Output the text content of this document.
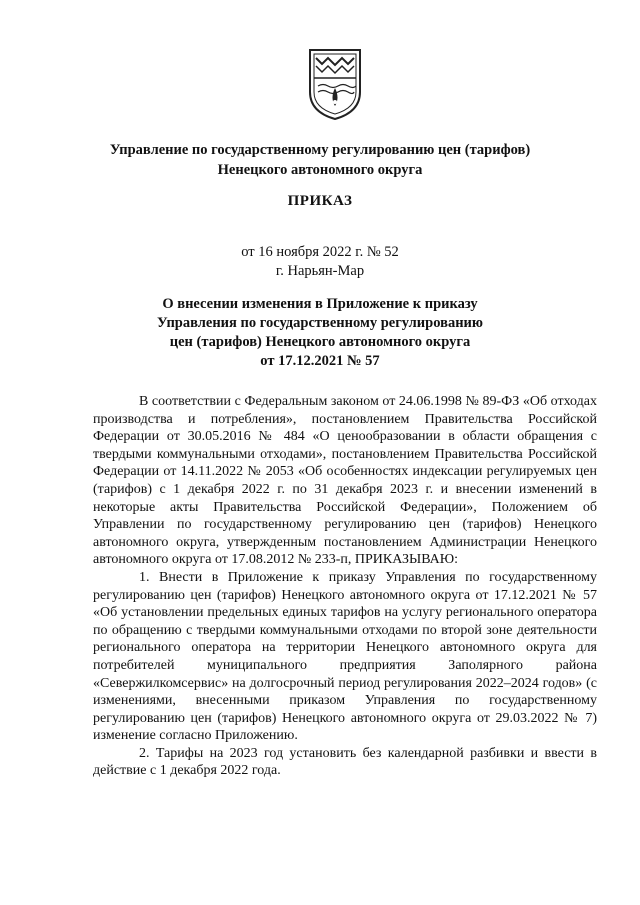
Управление по государственному регулированию цен (тарифов)
Ненецкого автономного округа
ПРИКАЗ
от 16 ноября 2022 г. № 52
г. Нарьян-Мар
О внесении изменения в Приложение к приказу
Управления по государственному регулированию
цен (тарифов) Ненецкого автономного округа
от 17.12.2021 № 57

В соответствии с Федеральным законом от 24.06.1998 № 89-ФЗ «Об отходах производства и потребления», постановлением Правительства Российской Федерации от 30.05.2016 № 484 «О ценообразовании в области обращения с твердыми коммунальными отходами», постановлением Правительства Российской Федерации от 14.11.2022 № 2053 «Об особенностях индексации регулируемых цен (тарифов) с 1 декабря 2022 г. по 31 декабря 2023 г. и внесении изменений в некоторые акты Правительства Российской Федерации», Положением об Управлении по государственному регулированию цен (тарифов) Ненецкого автономного округа, утвержденным постановлением Администрации Ненецкого автономного округа от 17.08.2012 № 233-п, ПРИКАЗЫВАЮ:

1. Внести в Приложение к приказу Управления по государственному регулированию цен (тарифов) Ненецкого автономного округа от 17.12.2021 № 57 «Об установлении предельных единых тарифов на услугу регионального оператора по обращению с твердыми коммунальными отходами по второй зоне деятельности регионального оператора на территории Ненецкого автономного округа для потребителей муниципального предприятия Заполярного района «Севержилкомсервис» на долгосрочный период регулирования 2022–2024 годов» (с изменениями, внесенными приказом Управления по государственному регулированию цен (тарифов) Ненецкого автономного округа от 29.03.2022 № 7) изменение согласно Приложению.

2. Тарифы на 2023 год установить без календарной разбивки и ввести в действие с 1 декабря 2022 года.
